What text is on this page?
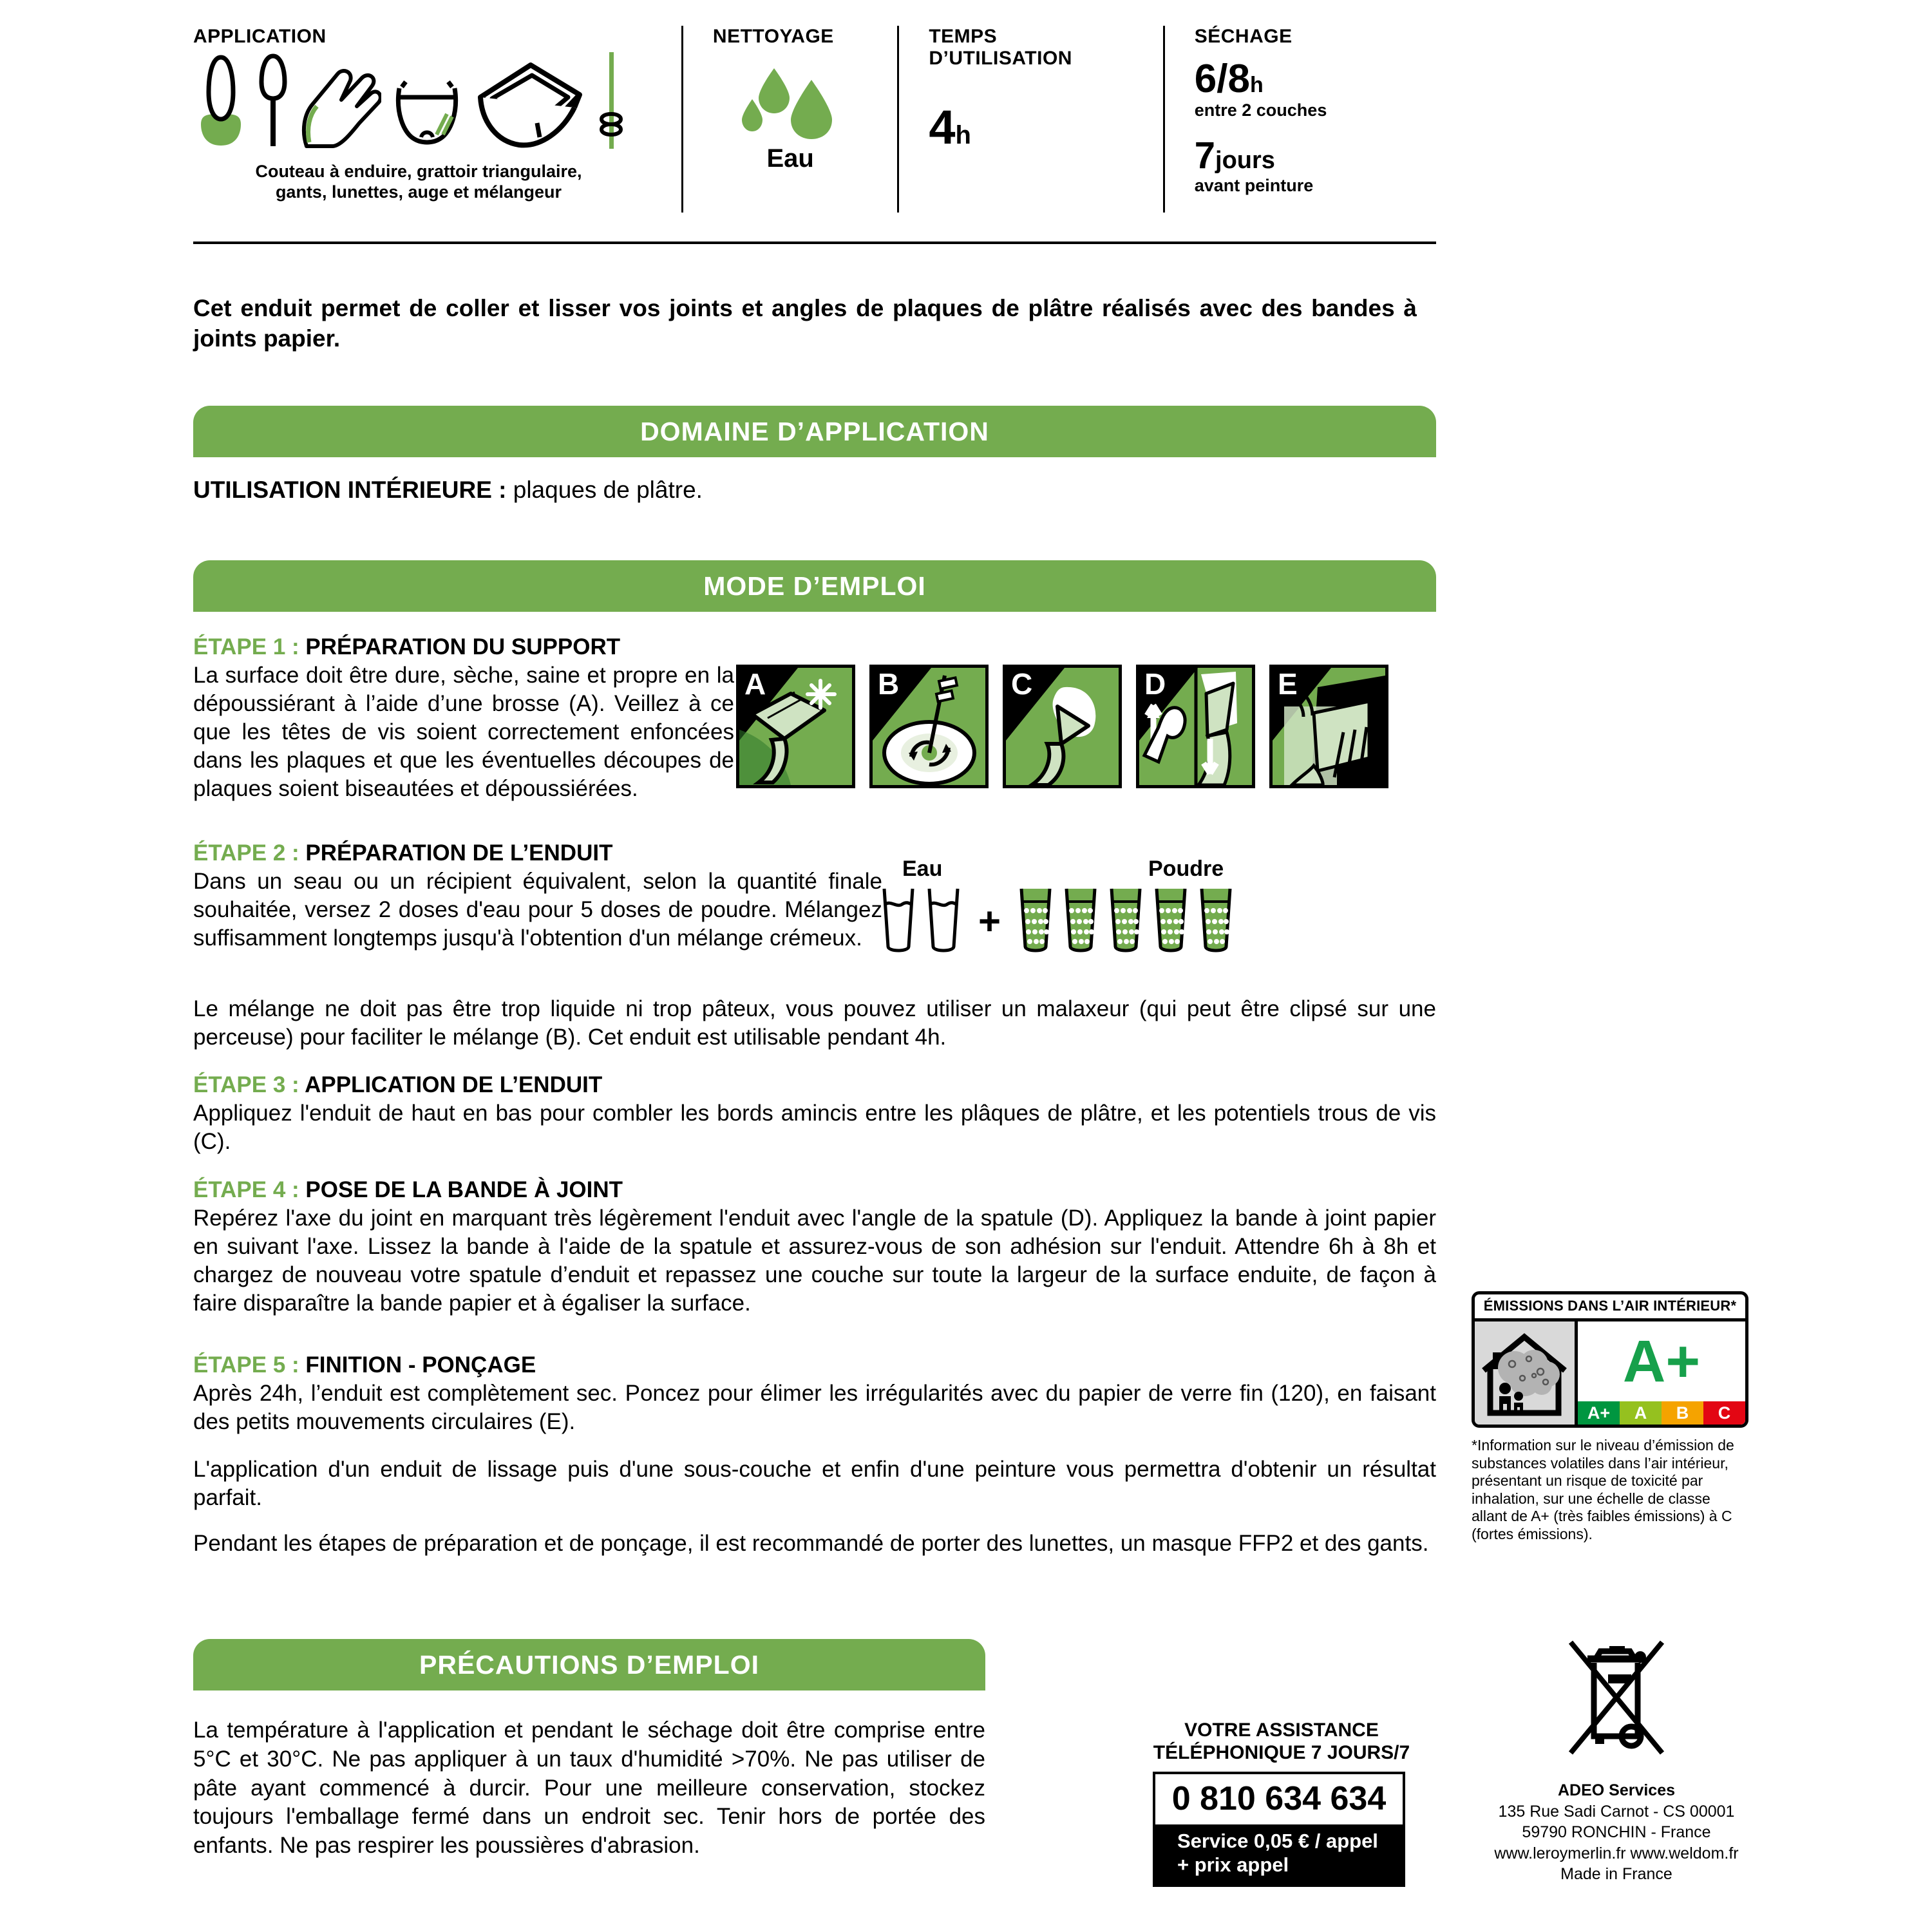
APPLICATION
Couteau à enduire, grattoir triangulaire,
gants, lunettes, auge et mélangeur
NETTOYAGE
Eau
TEMPS
D’UTILISATION
4h
SÉCHAGE
6/8h
entre 2 couches
7jours
avant peinture
Cet enduit permet de coller et lisser vos joints et angles de plaques de plâtre réalisés avec des bandes à joints papier.
DOMAINE D’APPLICATION
UTILISATION INTÉRIEURE : plaques de plâtre.
MODE D’EMPLOI
ÉTAPE 1 : PRÉPARATION DU SUPPORT
La surface doit être dure, sèche, saine et propre en la dépoussiérant à l’aide d’une brosse (A). Veillez à ce que les têtes de vis soient correctement enfoncées dans les plaques et que les éventuelles découpes de plaques soient biseautées et dépoussiérées.
A	B	C	D	E
ÉTAPE 2 : PRÉPARATION DE L’ENDUIT
Dans un seau ou un récipient équivalent, selon la quantité finale souhaitée, versez 2 doses d'eau pour 5 doses de poudre. Mélangez suffisamment longtemps jusqu'à l'obtention d'un mélange crémeux.
Eau	Poudre
+
Le mélange ne doit pas être trop liquide ni trop pâteux, vous pouvez utiliser un malaxeur (qui peut être clipsé sur une perceuse) pour faciliter le mélange (B). Cet enduit est utilisable pendant 4h.
ÉTAPE 3 : APPLICATION DE L’ENDUIT
Appliquez l'enduit de haut en bas pour combler les bords amincis entre les plâques de plâtre, et les potentiels trous de vis (C).
ÉTAPE 4 : POSE DE LA BANDE À JOINT
Repérez l'axe du joint en marquant très légèrement l'enduit avec l'angle de la spatule (D). Appliquez la bande à joint papier en suivant l'axe. Lissez la bande à l'aide de la spatule et assurez-vous de son adhésion sur l'enduit. Attendre 6h à 8h et chargez de nouveau votre spatule d’enduit et repassez une couche sur toute la largeur de la surface enduite, de façon à faire disparaître la bande papier et à égaliser la surface.
ÉTAPE 5 : FINITION - PONÇAGE
Après 24h, l’enduit est complètement sec. Poncez pour élimer les irrégularités avec du papier de verre fin (120), en faisant des petits mouvements circulaires (E).
L'application d'un enduit de lissage puis d'une sous-couche et enfin d'une peinture vous permettra d'obtenir un résultat parfait.
Pendant les étapes de préparation et de ponçage, il est recommandé de porter des lunettes, un masque FFP2 et des gants.
PRÉCAUTIONS D’EMPLOI
La température à l'application et pendant le séchage doit être comprise entre 5°C et 30°C. Ne pas appliquer à un taux d'humidité >70%. Ne pas utiliser de pâte ayant commencé à durcir. Pour une meilleure conservation, stockez toujours l'emballage fermé dans un endroit sec. Tenir hors de portée des enfants. Ne pas respirer les poussières d'abrasion.
ÉMISSIONS DANS L’AIR INTÉRIEUR*
A+
A+	A	B	C
*Information sur le niveau d’émission de substances volatiles dans l’air intérieur, présentant un risque de toxicité par inhalation, sur une échelle de classe allant de A+ (très faibles émissions) à C (fortes émissions).
VOTRE ASSISTANCE
TÉLÉPHONIQUE 7 JOURS/7
0 810 634 634
Service 0,05 € / appel
+ prix appel
ADEO Services
135 Rue Sadi Carnot - CS 00001
59790 RONCHIN - France
www.leroymerlin.fr www.weldom.fr
Made in France
